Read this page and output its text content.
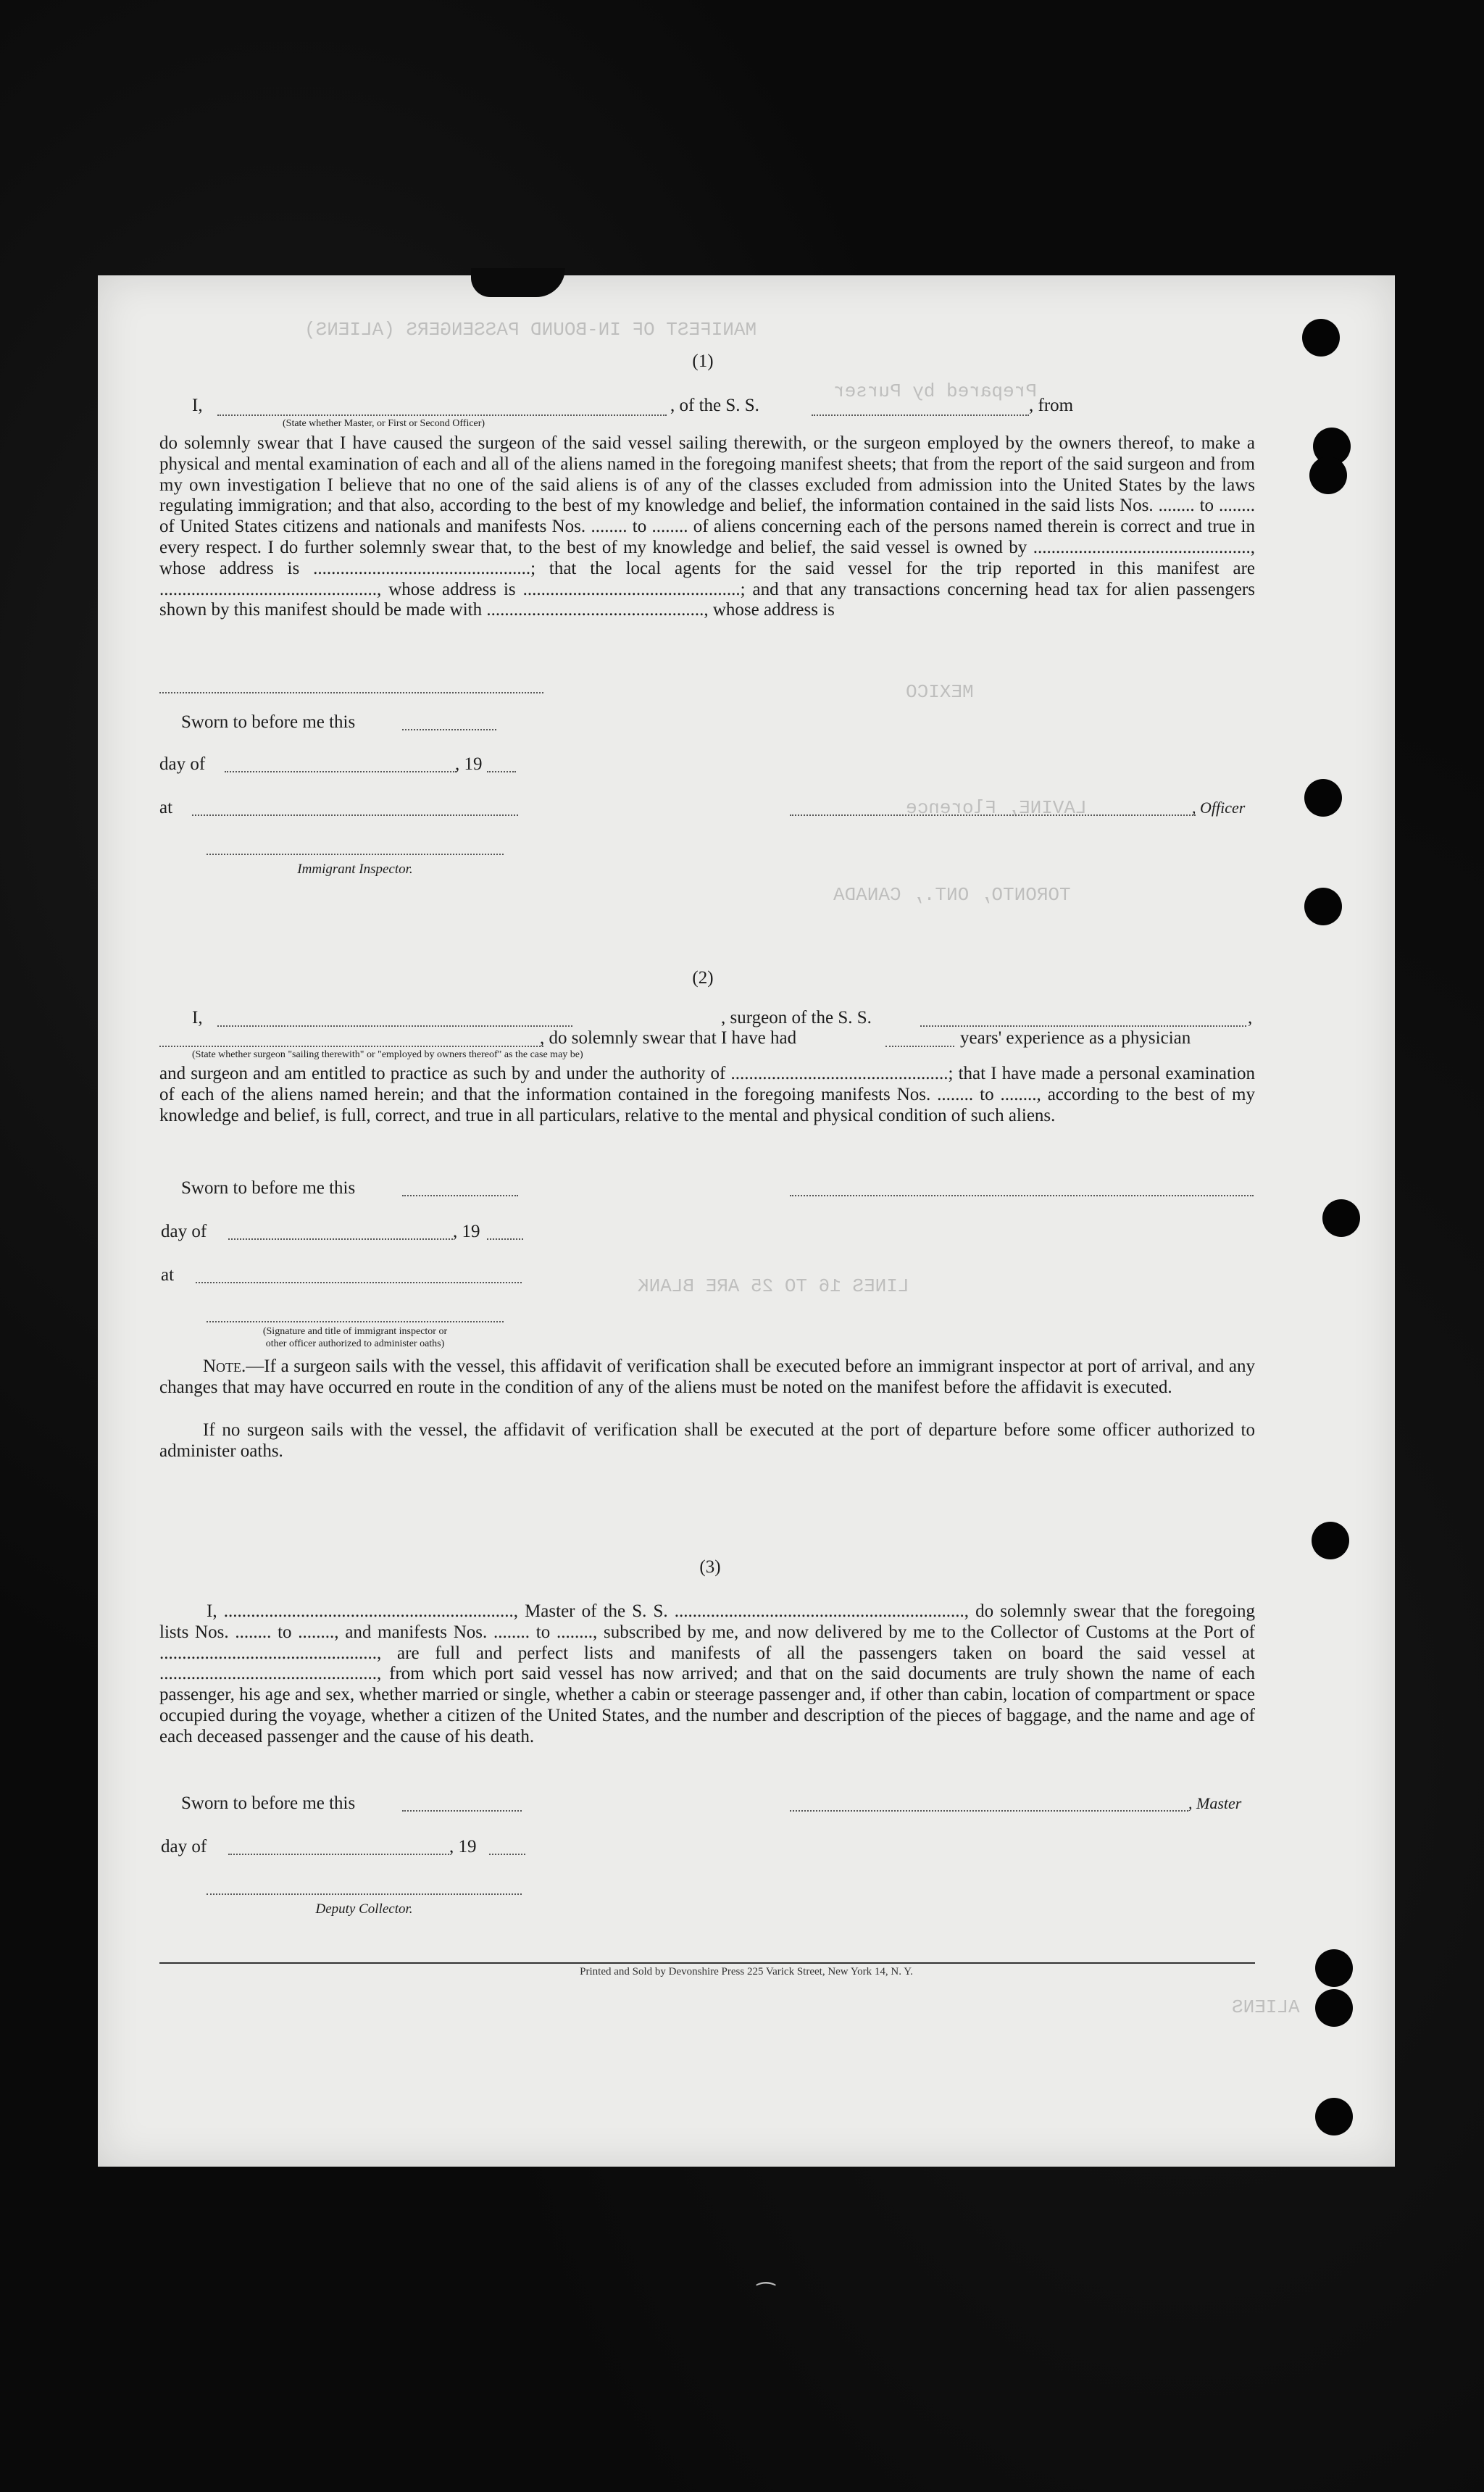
MANIFEST OF IN-BOUND PASSENGERS (ALIENS)
Prepared by Purser
MEXICO
LAVINE, Florence
TORONTO, ONT., CANADA
LINES 16 TO 25 ARE BLANK
ALIENS
(1)
I,	, of the S. S.	, from
(State whether Master, or First or Second Officer)
do solemnly swear that I have caused the surgeon of the said vessel sailing therewith, or the surgeon employed by the owners thereof, to make a physical and mental examination of each and all of the aliens named in the foregoing manifest sheets; that from the report of the said surgeon and from my own investigation I believe that no one of the said aliens is of any of the classes excluded from admission into the United States by the laws regulating immigration; and that also, according to the best of my knowledge and belief, the information contained in the said lists Nos. ........ to ........ of United States citizens and nationals and manifests Nos. ........ to ........ of aliens concerning each of the persons named therein is correct and true in every respect. I do further solemnly swear that, to the best of my knowledge and belief, the said vessel is owned by ................................................, whose address is ................................................; that the local agents for the said vessel for the trip reported in this manifest are ................................................, whose address is ................................................; and that any transactions concerning head tax for alien passengers shown by this manifest should be made with ................................................, whose address is
Sworn to before me this
day of	, 19
at	, Officer
Immigrant Inspector.
(2)
I,	, surgeon of the S. S.	,
, do solemnly swear that I have had	years' experience as a physician
(State whether surgeon "sailing therewith" or "employed by owners thereof" as the case may be)
and surgeon and am entitled to practice as such by and under the authority of ................................................; that I have made a personal examination of each of the aliens named herein; and that the information contained in the foregoing manifests Nos. ........ to ........, according to the best of my knowledge and belief, is full, correct, and true in all particulars, relative to the mental and physical condition of such aliens.
Sworn to before me this
day of	, 19
at
(Signature and title of immigrant inspector or
other officer authorized to administer oaths)
Note.—If a surgeon sails with the vessel, this affidavit of verification shall be executed before an immigrant inspector at port of arrival, and any changes that may have occurred en route in the condition of any of the aliens must be noted on the manifest before the affidavit is executed.
If no surgeon sails with the vessel, the affidavit of verification shall be executed at the port of departure before some officer authorized to administer oaths.
(3)
I, ................................................................, Master of the S. S. ................................................................, do solemnly swear that the foregoing lists Nos. ........ to ........, and manifests Nos. ........ to ........, subscribed by me, and now delivered by me to the Collector of Customs at the Port of ................................................, are full and perfect lists and manifests of all the passengers taken on board the said vessel at ................................................, from which port said vessel has now arrived; and that on the said documents are truly shown the name of each passenger, his age and sex, whether married or single, whether a cabin or steerage passenger and, if other than cabin, location of compartment or space occupied during the voyage, whether a citizen of the United States, and the number and description of the pieces of baggage, and the name and age of each deceased passenger and the cause of his death.
Sworn to before me this	, Master
day of	, 19
Deputy Collector.
Printed and Sold by Devonshire Press 225 Varick Street, New York 14, N. Y.
⁀
